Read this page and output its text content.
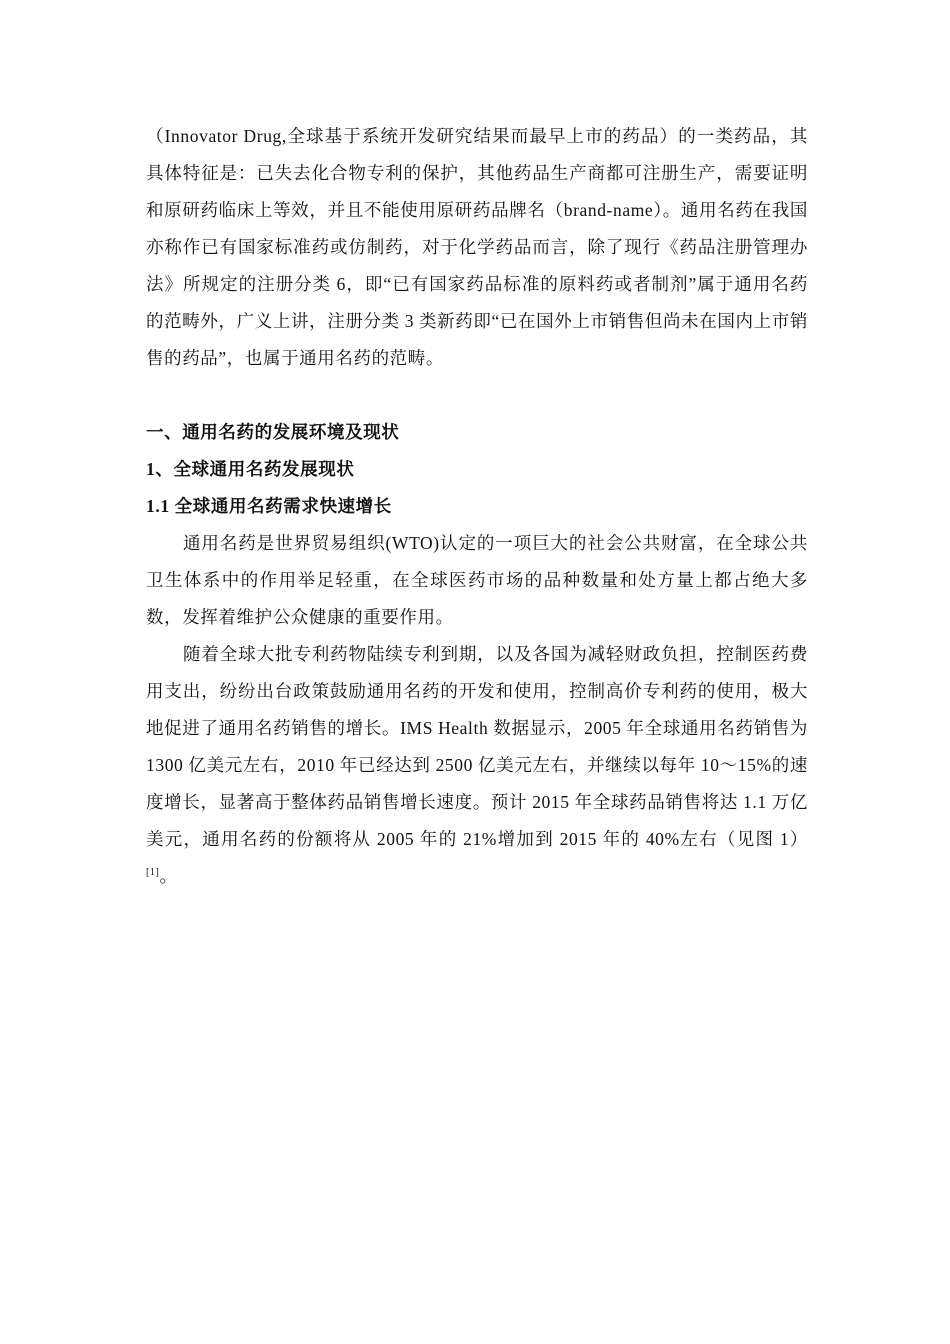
（Innovator Drug,全球基于系统开发研究结果而最早上市的药品）的一类药品，其具体特征是：已失去化合物专利的保护，其他药品生产商都可注册生产，需要证明和原研药临床上等效，并且不能使用原研药品牌名（brand-name）。通用名药在我国亦称作已有国家标准药或仿制药，对于化学药品而言，除了现行《药品注册管理办法》所规定的注册分类 6，即“已有国家药品标准的原料药或者制剂”属于通用名药的范畴外，广义上讲，注册分类 3 类新药即“已在国外上市销售但尚未在国内上市销售的药品”，也属于通用名药的范畴。

一、通用名药的发展环境及现状

1、全球通用名药发展现状

1.1 全球通用名药需求快速增长

通用名药是世界贸易组织(WTO)认定的一项巨大的社会公共财富，在全球公共卫生体系中的作用举足轻重，在全球医药市场的品种数量和处方量上都占绝大多数，发挥着维护公众健康的重要作用。

随着全球大批专利药物陆续专利到期，以及各国为减轻财政负担，控制医药费用支出，纷纷出台政策鼓励通用名药的开发和使用，控制高价专利药的使用，极大地促进了通用名药销售的增长。IMS Health 数据显示，2005 年全球通用名药销售为 1300 亿美元左右，2010 年已经达到 2500 亿美元左右，并继续以每年 10～15%的速度增长，显著高于整体药品销售增长速度。预计 2015 年全球药品销售将达 1.1 万亿美元，通用名药的份额将从 2005 年的 21%增加到 2015 年的 40%左右（见图 1）[1]。
